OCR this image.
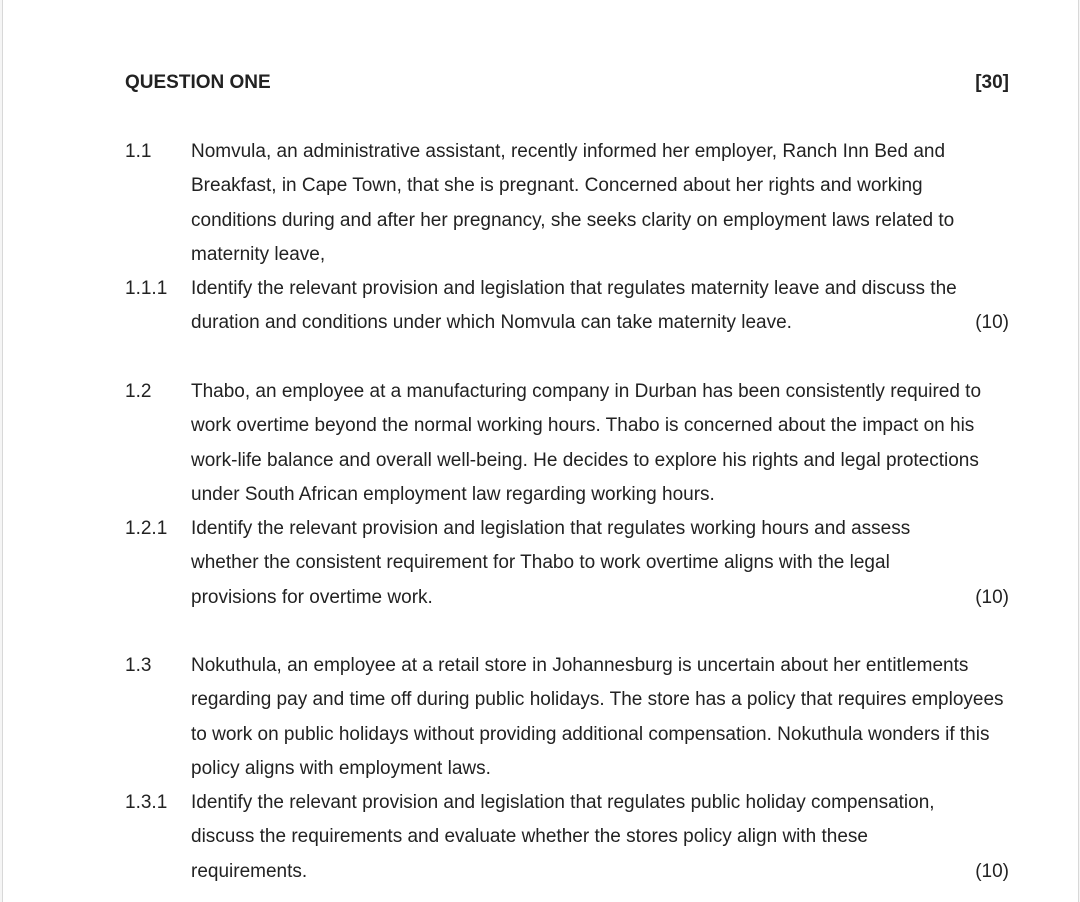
QUESTION ONE	[30]
1.1 Nomvula, an administrative assistant, recently informed her employer, Ranch Inn Bed and Breakfast, in Cape Town, that she is pregnant. Concerned about her rights and working conditions during and after her pregnancy, she seeks clarity on employment laws related to maternity leave,
1.1.1 Identify the relevant provision and legislation that regulates maternity leave and discuss the duration and conditions under which Nomvula can take maternity leave.	(10)
1.2 Thabo, an employee at a manufacturing company in Durban has been consistently required to work overtime beyond the normal working hours. Thabo is concerned about the impact on his work-life balance and overall well-being. He decides to explore his rights and legal protections under South African employment law regarding working hours.
1.2.1 Identify the relevant provision and legislation that regulates working hours and assess whether the consistent requirement for Thabo to work overtime aligns with the legal provisions for overtime work.	(10)
1.3 Nokuthula, an employee at a retail store in Johannesburg is uncertain about her entitlements regarding pay and time off during public holidays. The store has a policy that requires employees to work on public holidays without providing additional compensation. Nokuthula wonders if this policy aligns with employment laws.
1.3.1 Identify the relevant provision and legislation that regulates public holiday compensation, discuss the requirements and evaluate whether the stores policy align with these requirements.	(10)
